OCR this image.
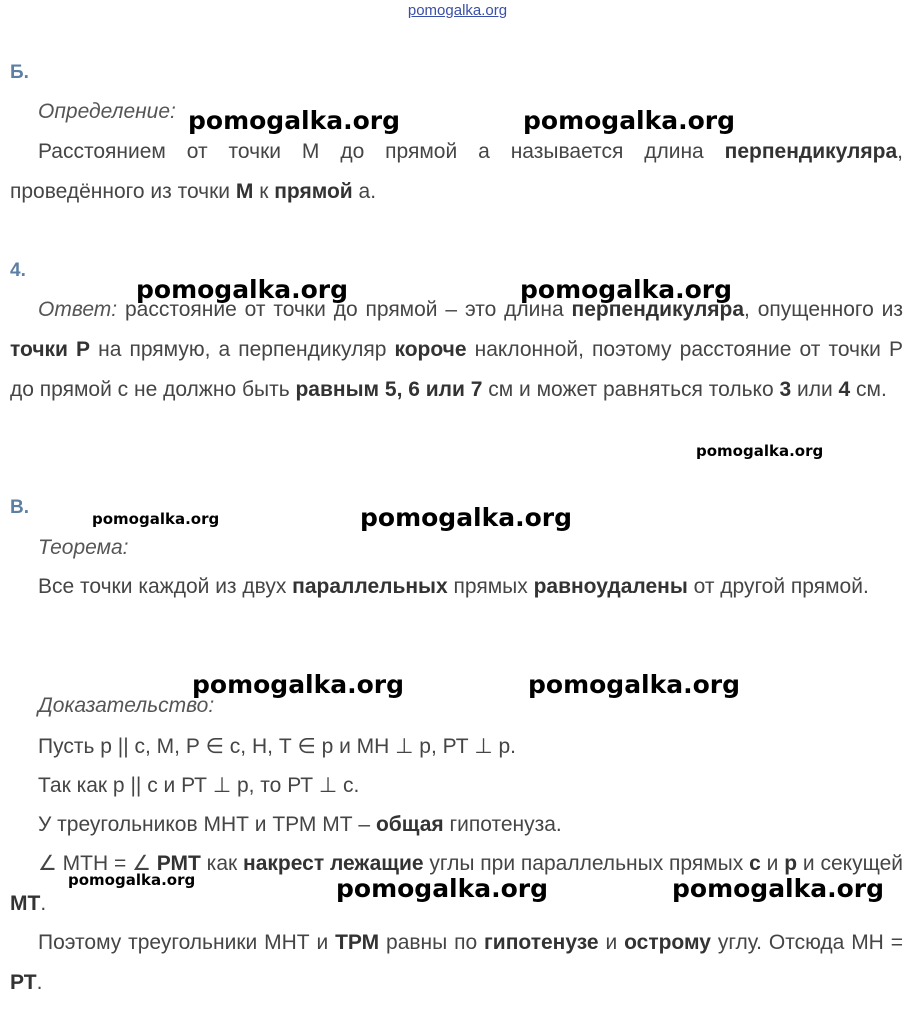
pomogalka.org
Б.
Определение:

Расстоянием от точки М до прямой а называется длина перпендикуляра, проведённого из точки М к прямой а.

4.

Ответ: расстояние от точки до прямой – это длина перпендикуляра, опущенного из точки Р на прямую, а перпендикуляр короче наклонной, поэтому расстояние от точки Р до прямой с не должно быть равным 5, 6 или 7 см и может равняться только 3 или 4 см.

В.
Теорема:

Все точки каждой из двух параллельных прямых равноудалены от другой прямой.

Доказательство:
Пусть р || с, М, Р ∈ с, Н, Т ∈ р и МН ⊥ р, РТ ⊥ р.
Так как р || с и РТ ⊥ р, то РТ ⊥ с.
У треугольников МНТ и ТРМ МТ – общая гипотенуза.

∠ МТН = ∠ РМТ как накрест лежащие углы при параллельных прямых с и р и секущей МТ.

Поэтому треугольники МНТ и ТРМ равны по гипотенузе и острому углу. Отсюда МН = РТ.

pomogalka.org	pomogalka.org
pomogalka.org	pomogalka.org
pomogalka.org
pomogalka.org	pomogalka.org
pomogalka.org	pomogalka.org
pomogalka.org	pomogalka.org	pomogalka.org
